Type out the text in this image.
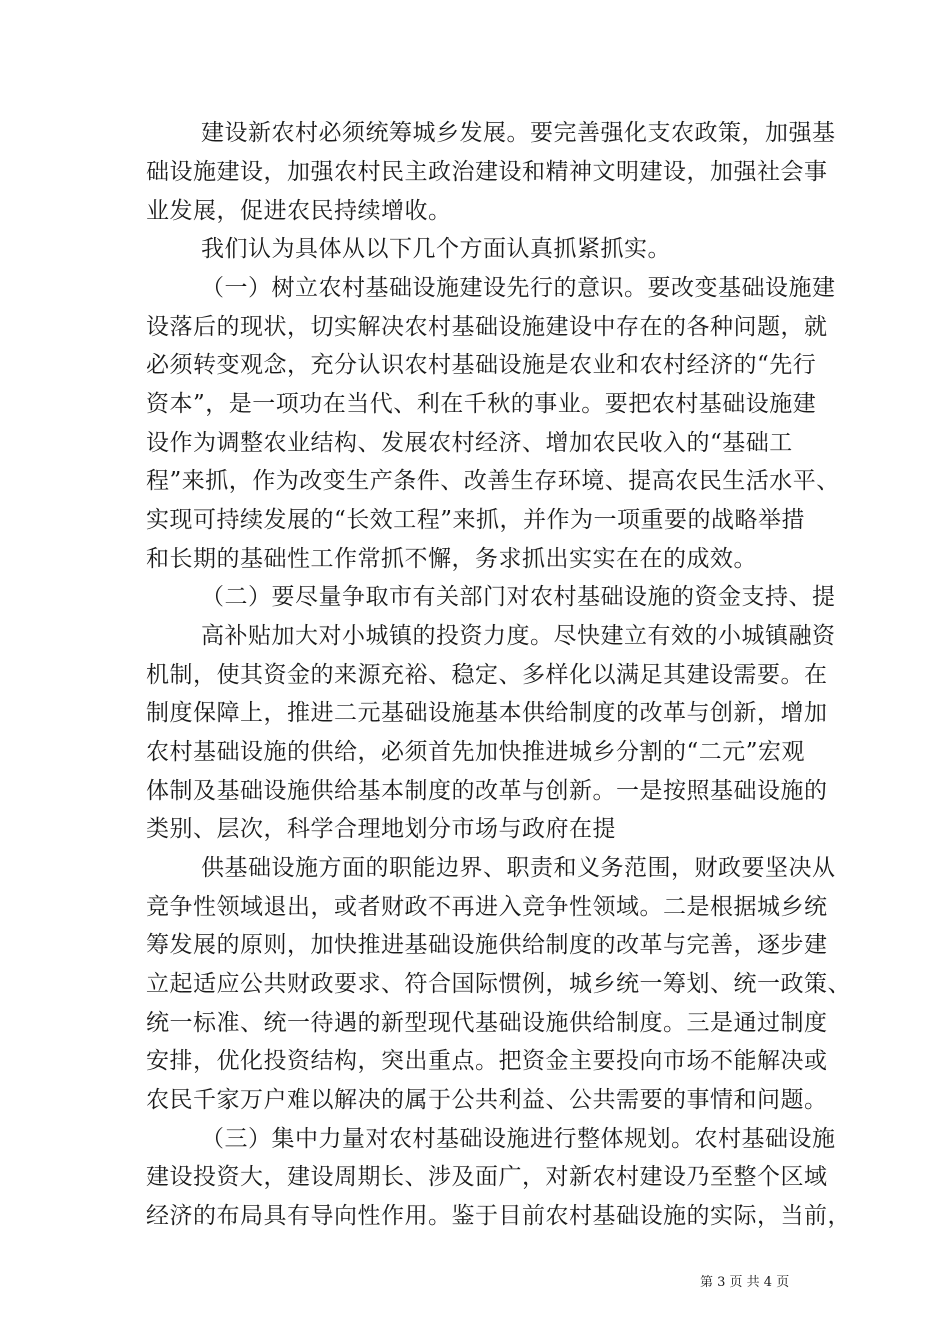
建设新农村必须统筹城乡发展。要完善强化支农政策，加强基
础设施建设，加强农村民主政治建设和精神文明建设，加强社会事
业发展，促进农民持续增收。
我们认为具体从以下几个方面认真抓紧抓实。
（一）树立农村基础设施建设先行的意识。要改变基础设施建
设落后的现状，切实解决农村基础设施建设中存在的各种问题，就
必须转变观念，充分认识农村基础设施是农业和农村经济的“先行
资本”，是一项功在当代、利在千秋的事业。要把农村基础设施建
设作为调整农业结构、发展农村经济、增加农民收入的“基础工
程”来抓，作为改变生产条件、改善生存环境、提高农民生活水平、
实现可持续发展的“长效工程”来抓，并作为一项重要的战略举措
和长期的基础性工作常抓不懈，务求抓出实实在在的成效。
（二）要尽量争取市有关部门对农村基础设施的资金支持、提
高补贴加大对小城镇的投资力度。尽快建立有效的小城镇融资
机制，使其资金的来源充裕、稳定、多样化以满足其建设需要。在
制度保障上，推进二元基础设施基本供给制度的改革与创新，增加
农村基础设施的供给，必须首先加快推进城乡分割的“二元”宏观
体制及基础设施供给基本制度的改革与创新。一是按照基础设施的
类别、层次，科学合理地划分市场与政府在提
供基础设施方面的职能边界、职责和义务范围，财政要坚决从
竞争性领域退出，或者财政不再进入竞争性领域。二是根据城乡统
筹发展的原则，加快推进基础设施供给制度的改革与完善，逐步建
立起适应公共财政要求、符合国际惯例，城乡统一筹划、统一政策、
统一标准、统一待遇的新型现代基础设施供给制度。三是通过制度
安排，优化投资结构，突出重点。把资金主要投向市场不能解决或
农民千家万户难以解决的属于公共利益、公共需要的事情和问题。
（三）集中力量对农村基础设施进行整体规划。农村基础设施
建设投资大，建设周期长、涉及面广，对新农村建设乃至整个区域
经济的布局具有导向性作用。鉴于目前农村基础设施的实际，当前，
第 3 页 共 4 页
